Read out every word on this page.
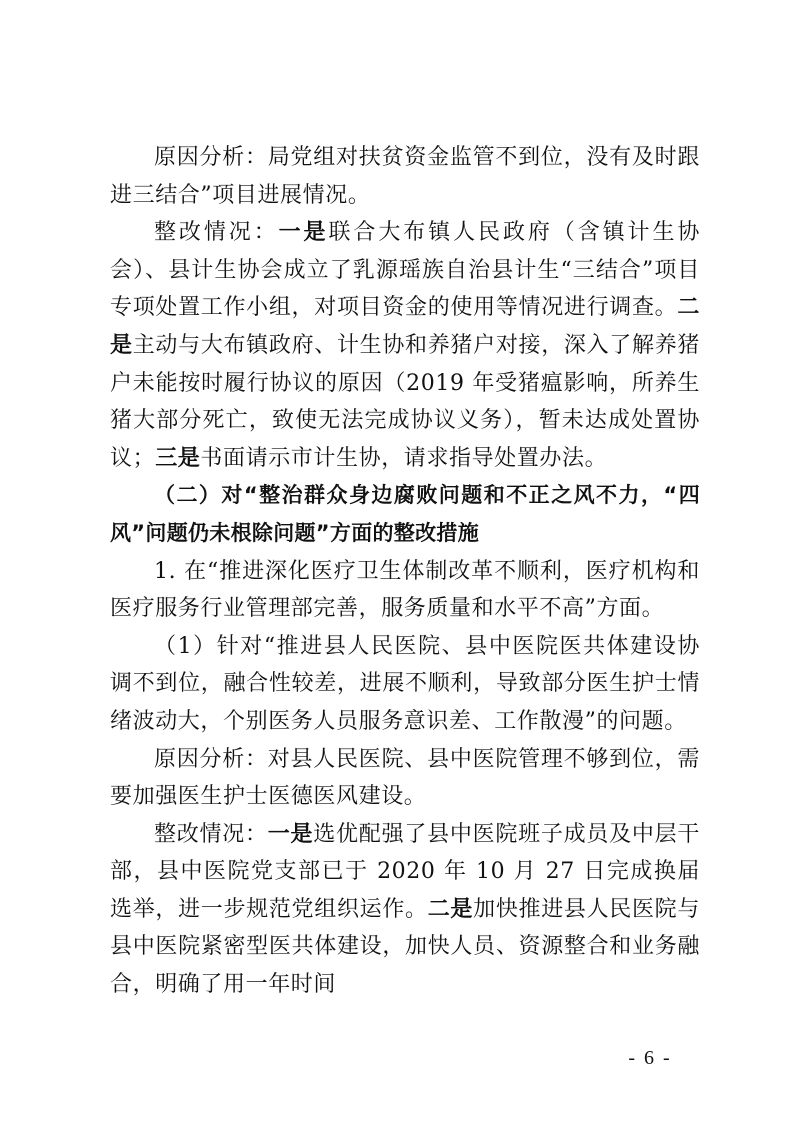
原因分析：局党组对扶贫资金监管不到位，没有及时跟进三结合”项目进展情况。

整改情况：一是联合大布镇人民政府（含镇计生协会）、县计生协会成立了乳源瑶族自治县计生“三结合”项目专项处置工作小组，对项目资金的使用等情况进行调查。二是主动与大布镇政府、计生协和养猪户对接，深入了解养猪户未能按时履行协议的原因（2019 年受猪瘟影响，所养生猪大部分死亡，致使无法完成协议义务），暂未达成处置协议；三是书面请示市计生协，请求指导处置办法。

（二）对“整治群众身边腐败问题和不正之风不力，“四风”问题仍未根除问题”方面的整改措施

1. 在“推进深化医疗卫生体制改革不顺利，医疗机构和医疗服务行业管理部完善，服务质量和水平不高”方面。

（1）针对“推进县人民医院、县中医院医共体建设协调不到位，融合性较差，进展不顺利，导致部分医生护士情绪波动大，个别医务人员服务意识差、工作散漫”的问题。

原因分析：对县人民医院、县中医院管理不够到位，需要加强医生护士医德医风建设。

整改情况：一是选优配强了县中医院班子成员及中层干部，县中医院党支部已于 2020 年 10 月 27 日完成换届选举，进一步规范党组织运作。二是加快推进县人民医院与县中医院紧密型医共体建设，加快人员、资源整合和业务融合，明确了用一年时间

- 6 -
